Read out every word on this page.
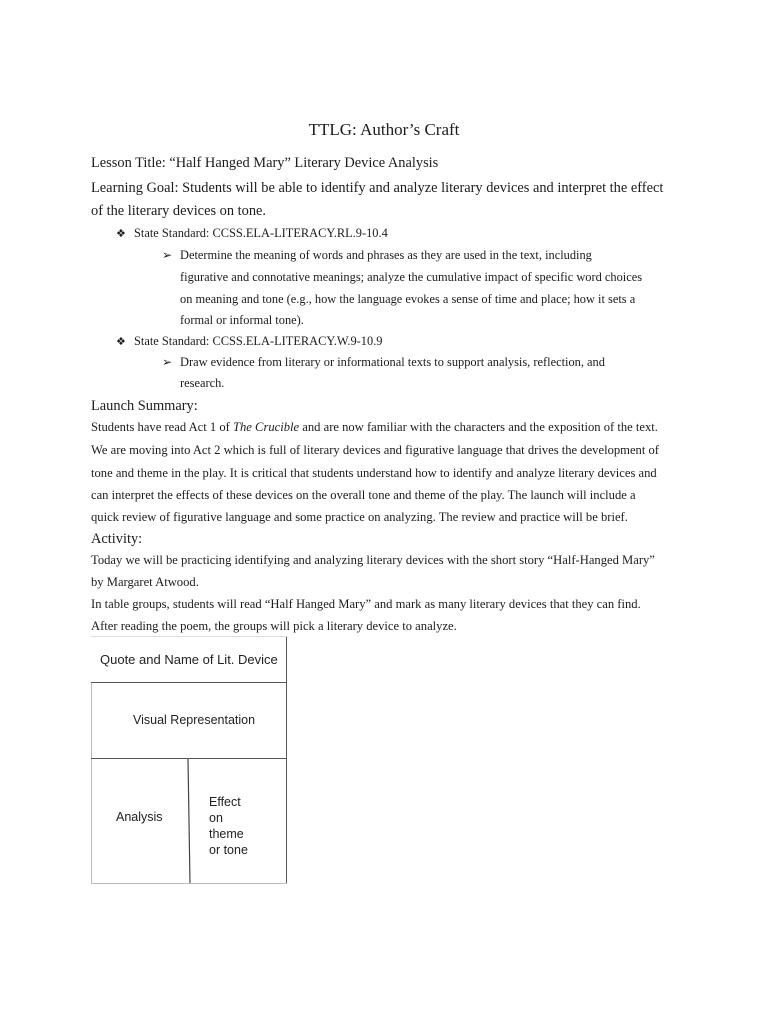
TTLG: Author’s Craft
Lesson Title: “Half Hanged Mary” Literary Device Analysis
Learning Goal: Students will be able to identify and analyze literary devices and interpret the effect
of the literary devices on tone.
❖ State Standard: CCSS.ELA-LITERACY.RL.9-10.4
➢ Determine the meaning of words and phrases as they are used in the text, including
figurative and connotative meanings; analyze the cumulative impact of specific word choices
on meaning and tone (e.g., how the language evokes a sense of time and place; how it sets a
formal or informal tone).
❖ State Standard: CCSS.ELA-LITERACY.W.9-10.9
➢ Draw evidence from literary or informational texts to support analysis, reflection, and
research.
Launch Summary:
Students have read Act 1 of The Crucible and are now familiar with the characters and the exposition of the text.
We are moving into Act 2 which is full of literary devices and figurative language that drives the development of
tone and theme in the play. It is critical that students understand how to identify and analyze literary devices and
can interpret the effects of these devices on the overall tone and theme of the play. The launch will include a
quick review of figurative language and some practice on analyzing. The review and practice will be brief.
Activity:
Today we will be practicing identifying and analyzing literary devices with the short story “Half-Hanged Mary”
by Margaret Atwood.
In table groups, students will read “Half Hanged Mary” and mark as many literary devices that they can find.
After reading the poem, the groups will pick a literary device to analyze.
Quote and Name of Lit. Device
Visual Representation
Analysis
Effect
on
theme
or tone
